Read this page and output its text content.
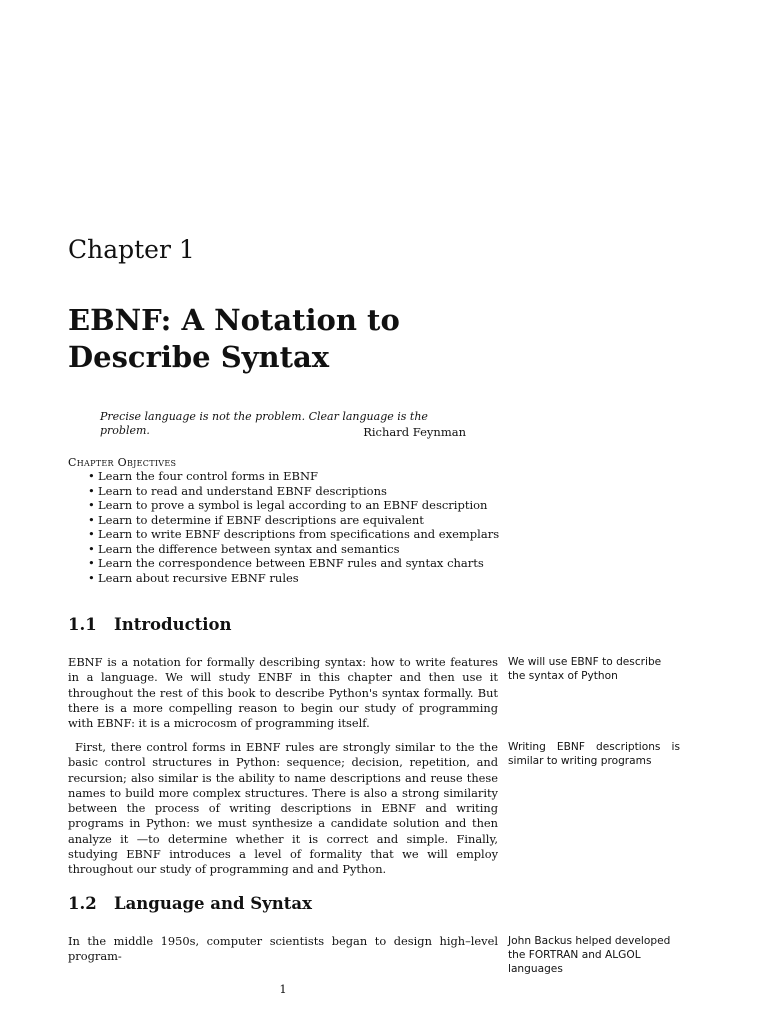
Chapter 1
EBNF: A Notation to Describe Syntax
Precise language is not the problem. Clear language is the problem.	Richard Feynman
Chapter Objectives
• Learn the four control forms in EBNF
• Learn to read and understand EBNF descriptions
• Learn to prove a symbol is legal according to an EBNF description
• Learn to determine if EBNF descriptions are equivalent
• Learn to write EBNF descriptions from specifications and exemplars
• Learn the difference between syntax and semantics
• Learn the correspondence between EBNF rules and syntax charts
• Learn about recursive EBNF rules
1.1 Introduction

EBNF is a notation for formally describing syntax: how to write features in a language. We will study ENBF in this chapter and then use it throughout the rest of this book to describe Python's syntax formally. But there is a more compelling reason to begin our study of programming with EBNF: it is a microcosm of programming itself.

We will use EBNF to describe the syntax of Python

First, there control forms in EBNF rules are strongly similar to the the basic control structures in Python: sequence; decision, repetition, and recursion; also similar is the ability to name descriptions and reuse these names to build more complex structures. There is also a strong similarity between the process of writing descriptions in EBNF and writing programs in Python: we must synthesize a candidate solution and then analyze it —to determine whether it is correct and simple. Finally, studying EBNF introduces a level of formality that we will employ throughout our study of programming and and Python.

Writing EBNF descriptions is similar to writing programs

1.2 Language and Syntax

In the middle 1950s, computer scientists began to design high–level program-

John Backus helped developed the FORTRAN and ALGOL languages

1
